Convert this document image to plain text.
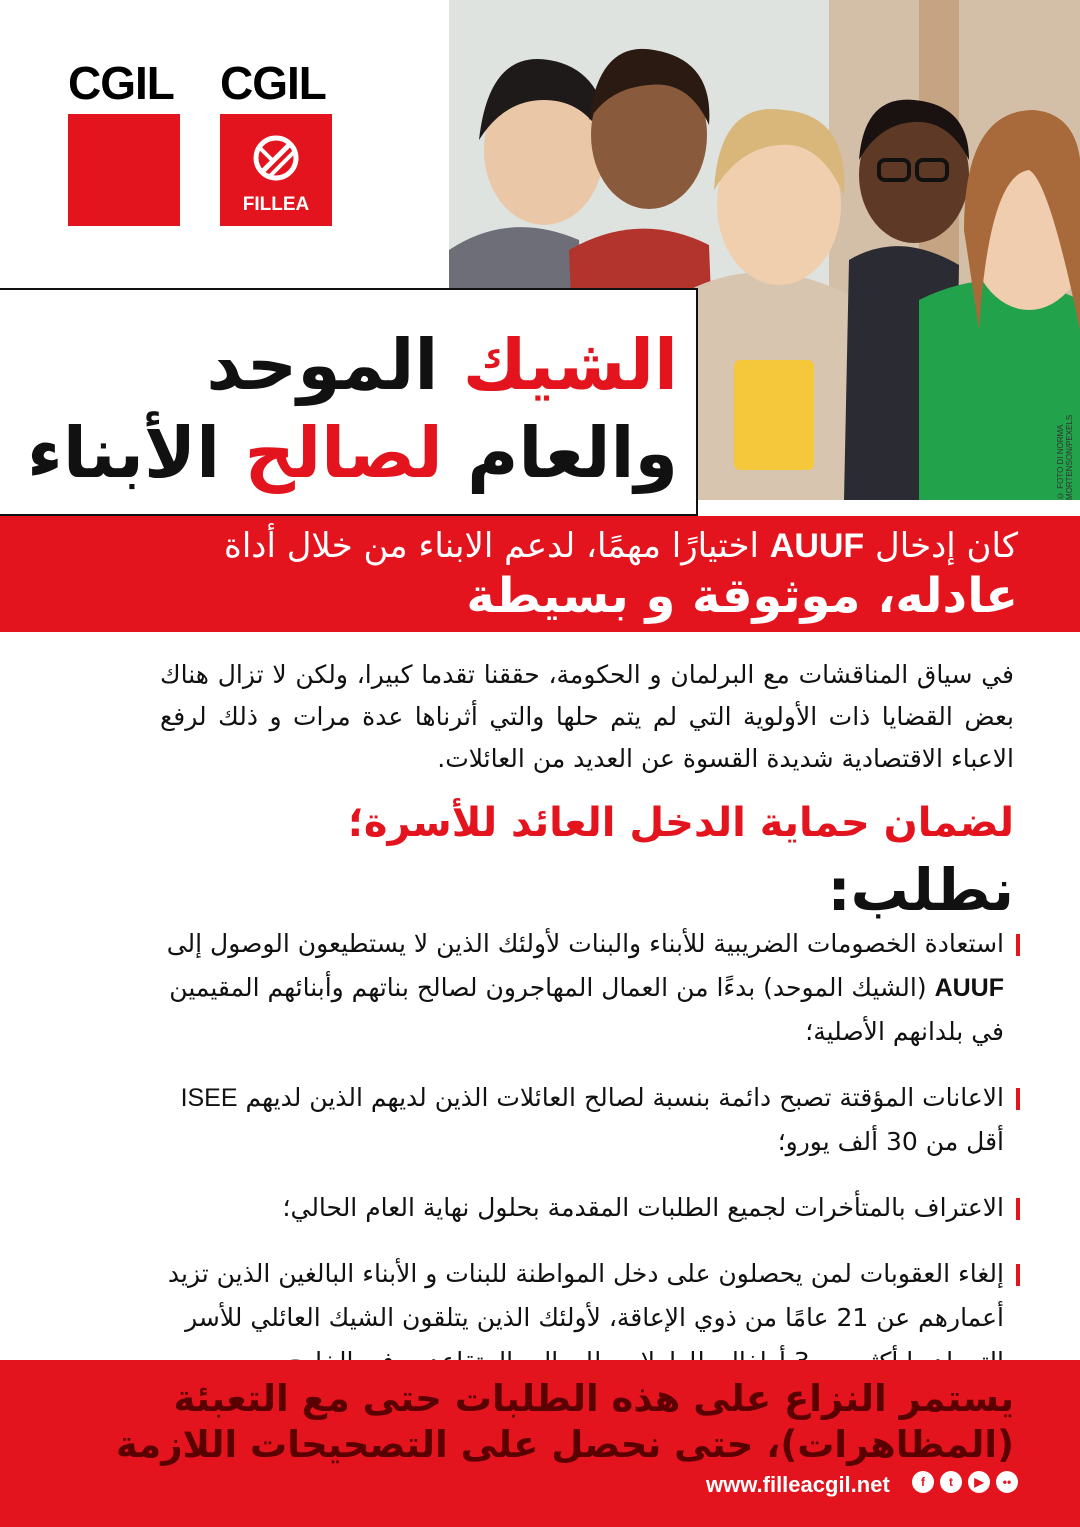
CGIL CGIL
FILLEA
© FOTO DI NORMA MORTENSON/PEXELS
الشيك الموحد
والعام لصالح الأبناء
كان إدخال AUUF اختيارًا مهمًا، لدعم الابناء من خلال أداة
عادله، موثوقة و بسيطة
في سياق المناقشات مع البرلمان و الحكومة، حققنا تقدما كبيرا، ولكن لا تزال هناك بعض القضايا ذات الأولوية التي لم يتم حلها والتي أثرناها عدة مرات و ذلك لرفع الاعباء الاقتصادية شديدة القسوة عن العديد من العائلات.
لضمان حماية الدخل العائد للأسرة؛
نطلب:
استعادة الخصومات الضريبية للأبناء والبنات لأولئك الذين لا يستطيعون الوصول إلى AUUF (الشيك الموحد) بدءًا من العمال المهاجرون لصالح بناتهم وأبنائهم المقيمين في بلدانهم الأصلية؛
الاعانات المؤقتة تصبح دائمة بنسبة لصالح العائلات الذين لديهم الذين لديهم ISEE أقل من 30 ألف يورو؛
الاعتراف بالمتأخرات لجميع الطلبات المقدمة بحلول نهاية العام الحالي؛
إلغاء العقوبات لمن يحصلون على دخل المواطنة للبنات و الأبناء البالغين الذين تزيد أعمارهم عن 21 عامًا من ذوي الإعاقة، لأولئك الذين يتلقون الشيك العائلي للأسر
يستمر النزاع على هذه الطلبات حتى مع التعبئة (المظاهرات)، حتى نحصل على التصحيحات اللازمة
www.filleacgil.net	f	t	▶	••
